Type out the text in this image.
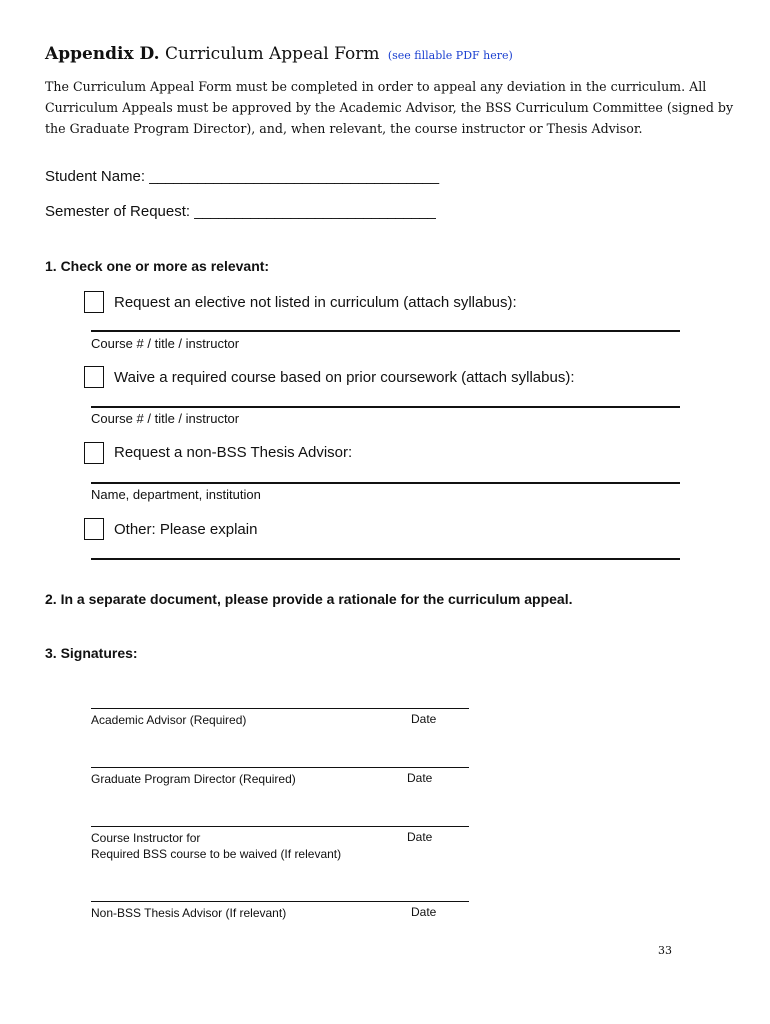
Appendix D. Curriculum Appeal Form (see fillable PDF here)
The Curriculum Appeal Form must be completed in order to appeal any deviation in the curriculum. All Curriculum Appeals must be approved by the Academic Advisor, the BSS Curriculum Committee (signed by the Graduate Program Director), and, when relevant, the course instructor or Thesis Advisor.
Student Name: ____________________________________
Semester of Request: ______________________________
1. Check one or more as relevant:
Request an elective not listed in curriculum (attach syllabus):
Course # / title / instructor
Waive a required course based on prior coursework (attach syllabus):
Course # / title / instructor
Request a non-BSS Thesis Advisor:
Name, department, institution
Other: Please explain
2. In a separate document, please provide a rationale for the curriculum appeal.
3. Signatures:
Academic Advisor (Required)	Date
Graduate Program Director (Required)	Date
Course Instructor for
Required BSS course to be waived (If relevant)
Date
Non-BSS Thesis Advisor (If relevant)	Date
33
